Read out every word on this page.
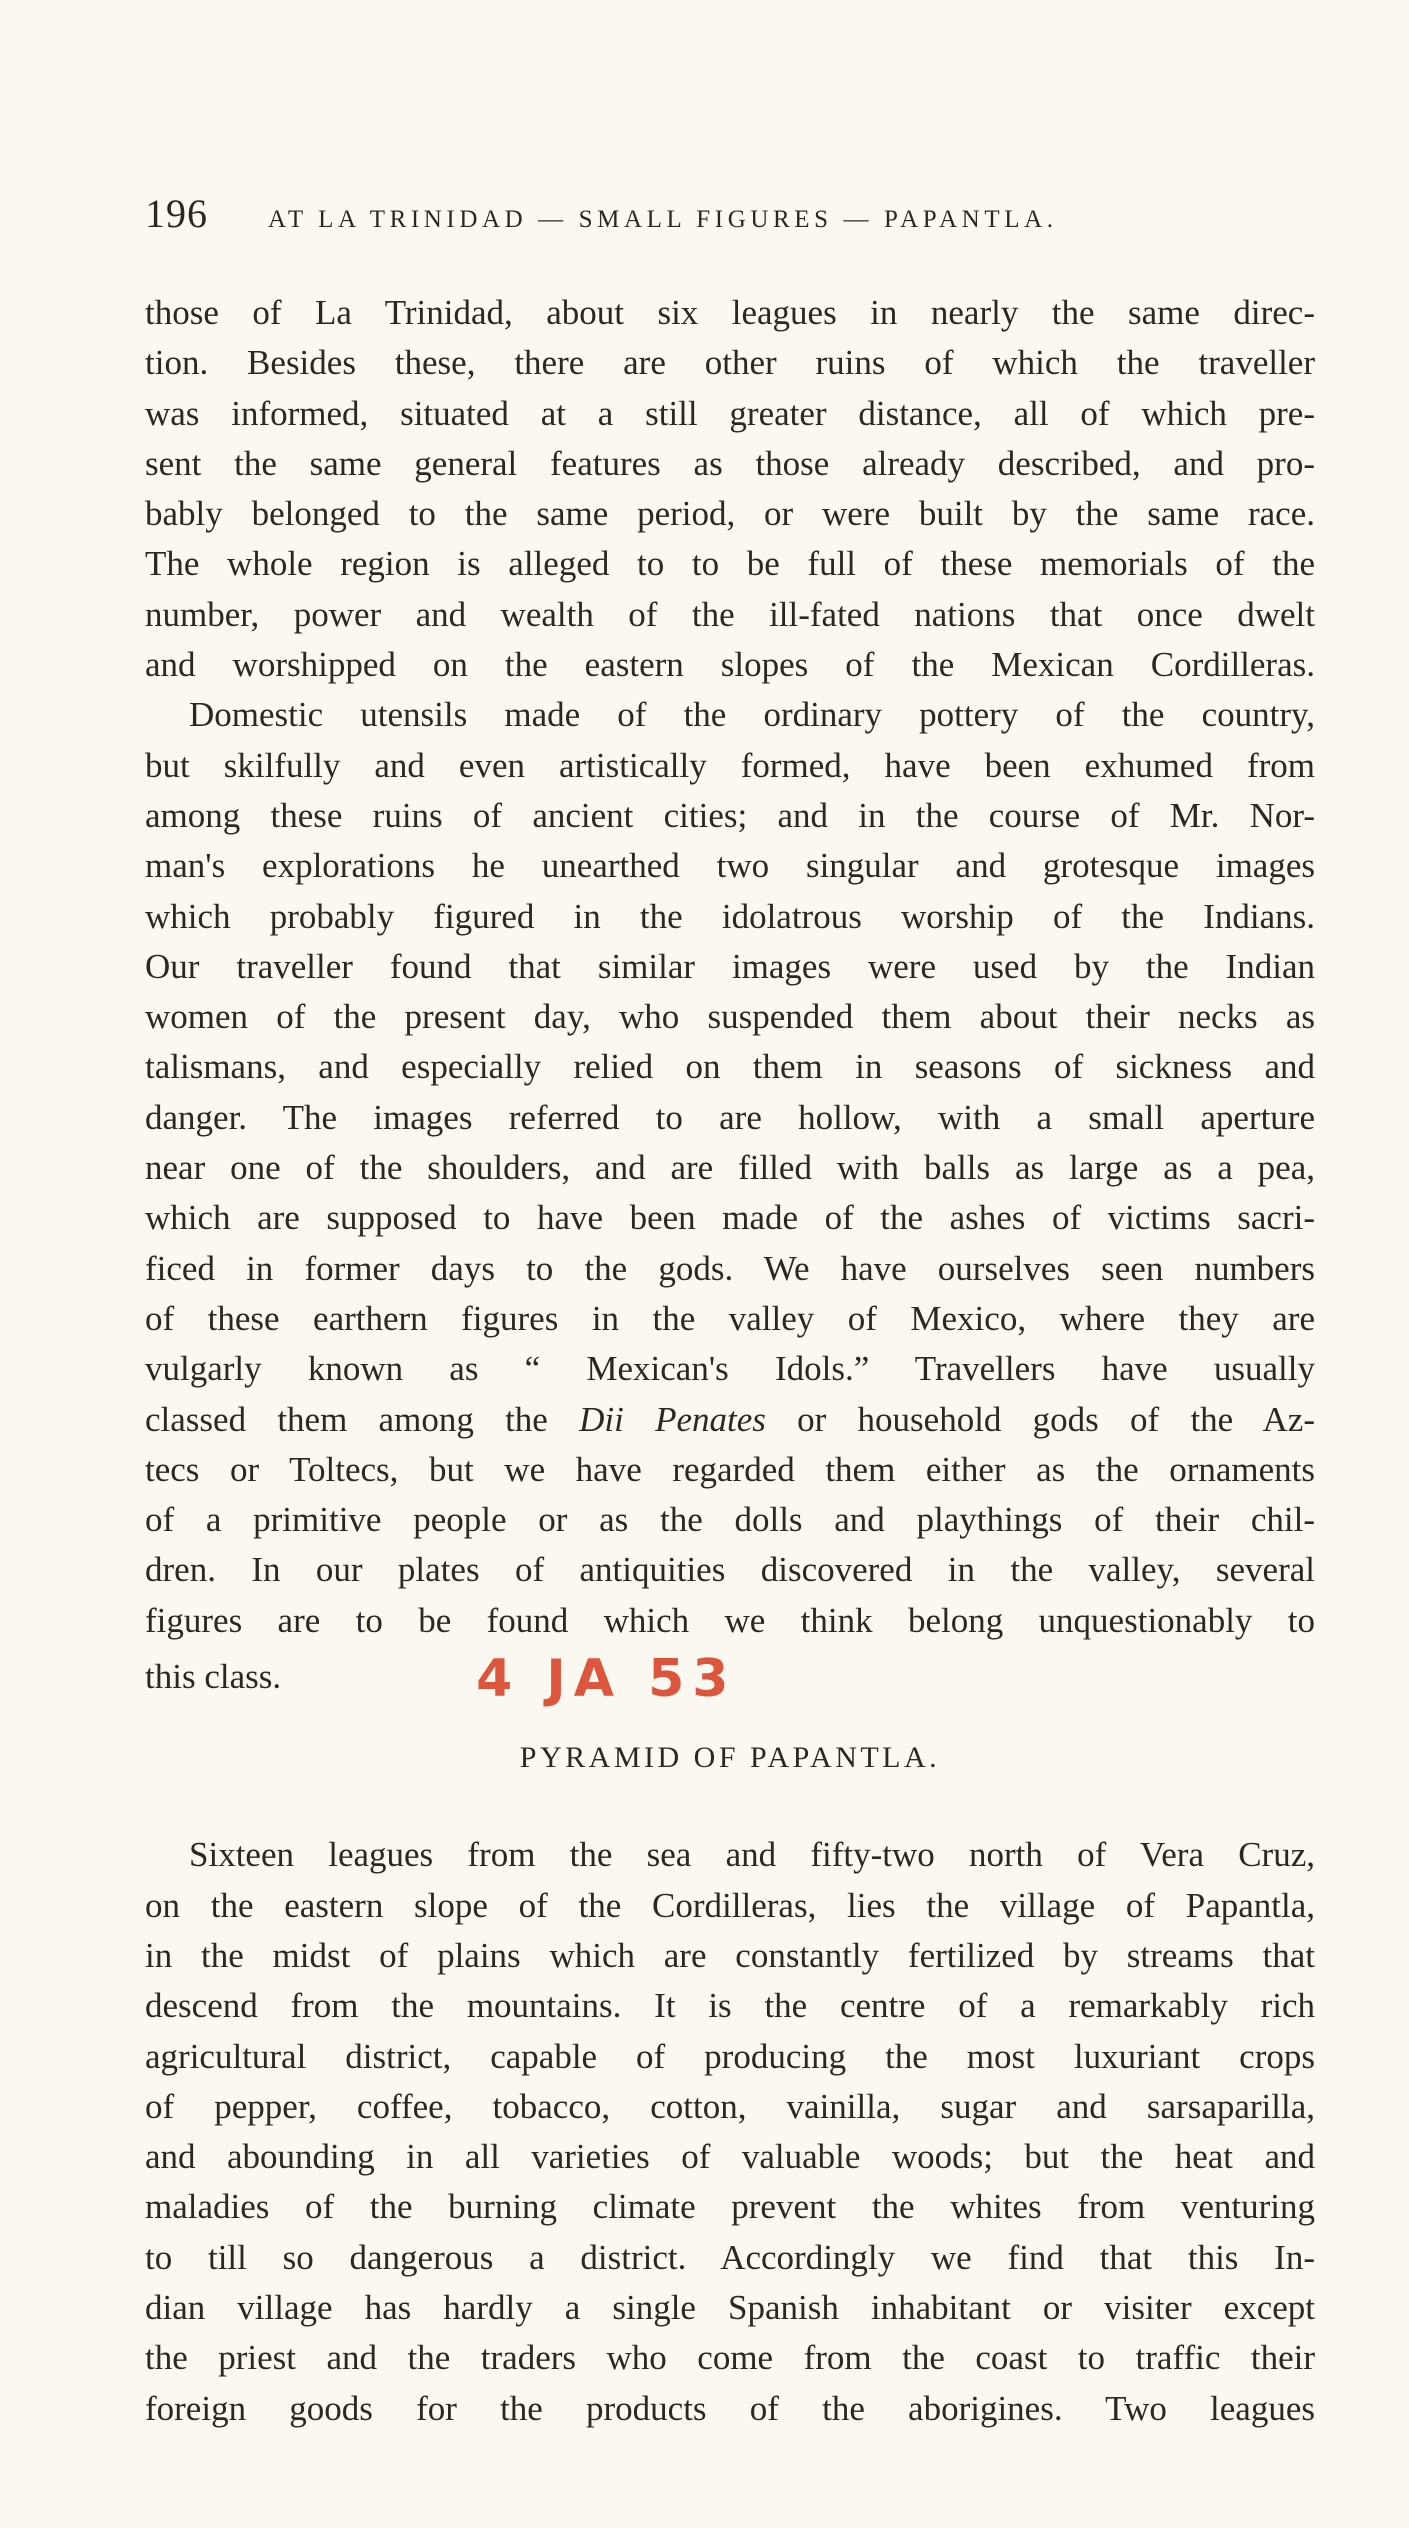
196 AT LA TRINIDAD — SMALL FIGURES — PAPANTLA.

those of La Trinidad, about six leagues in nearly the same direc-

tion. Besides these, there are other ruins of which the traveller

was informed, situated at a still greater distance, all of which pre-

sent the same general features as those already described, and pro-

bably belonged to the same period, or were built by the same race.

The whole region is alleged to to be full of these memorials of the

number, power and wealth of the ill-fated nations that once dwelt

and worshipped on the eastern slopes of the Mexican Cordilleras.

Domestic utensils made of the ordinary pottery of the country,

but skilfully and even artistically formed, have been exhumed from

among these ruins of ancient cities; and in the course of Mr. Nor-

man's explorations he unearthed two singular and grotesque images

which probably figured in the idolatrous worship of the Indians.

Our traveller found that similar images were used by the Indian

women of the present day, who suspended them about their necks as

talismans, and especially relied on them in seasons of sickness and

danger. The images referred to are hollow, with a small aperture

near one of the shoulders, and are filled with balls as large as a pea,

which are supposed to have been made of the ashes of victims sacri-

ficed in former days to the gods. We have ourselves seen numbers

of these earthern figures in the valley of Mexico, where they are

vulgarly known as “ Mexican's Idols.” Travellers have usually

classed them among the Dii Penates or household gods of the Az-

tecs or Toltecs, but we have regarded them either as the ornaments

of a primitive people or as the dolls and playthings of their chil-

dren. In our plates of antiquities discovered in the valley, several

figures are to be found which we think belong unquestionably to

this class.	4 JA 53
PYRAMID OF PAPANTLA.

Sixteen leagues from the sea and fifty-two north of Vera Cruz,

on the eastern slope of the Cordilleras, lies the village of Papantla,

in the midst of plains which are constantly fertilized by streams that

descend from the mountains. It is the centre of a remarkably rich

agricultural district, capable of producing the most luxuriant crops

of pepper, coffee, tobacco, cotton, vainilla, sugar and sarsaparilla,

and abounding in all varieties of valuable woods; but the heat and

maladies of the burning climate prevent the whites from venturing

to till so dangerous a district. Accordingly we find that this In-

dian village has hardly a single Spanish inhabitant or visiter except

the priest and the traders who come from the coast to traffic their

foreign goods for the products of the aborigines. Two leagues
